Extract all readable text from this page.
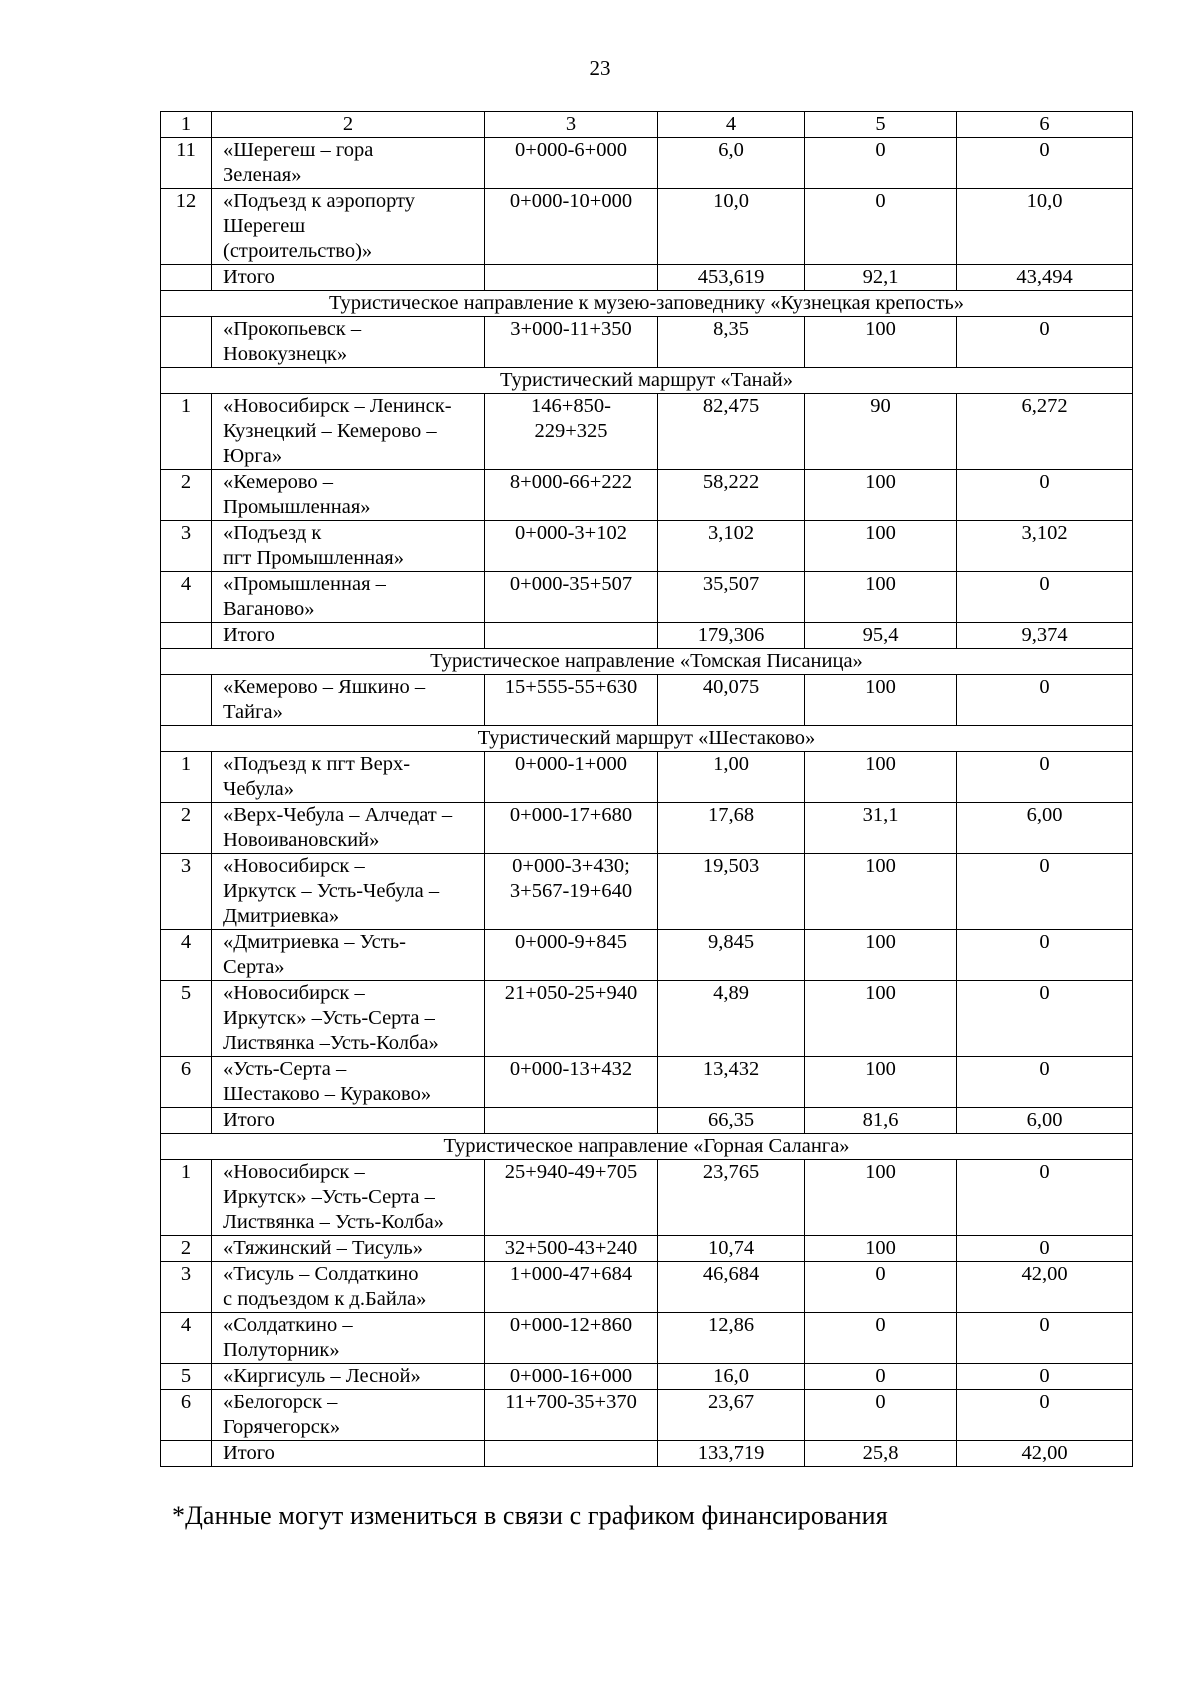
23
1	2	3	4	5	6
11	«Шерегеш – гора
Зеленая»	0+000-6+000	6,0	0	0
12	«Подъезд к аэропорту
Шерегеш
(строительство)»	0+000-10+000	10,0	0	10,0
	Итого		453,619	92,1	43,494
Туристическое направление к музею-заповеднику «Кузнецкая крепость»					
	«Прокопьевск –
Новокузнецк»	3+000-11+350	8,35	100	0
Туристический маршрут «Танай»					
1	«Новосибирск – Ленинск-
Кузнецкий – Кемерово –
Юрга»	146+850-
229+325	82,475	90	6,272
2	«Кемерово –
Промышленная»	8+000-66+222	58,222	100	0
3	«Подъезд к
пгт Промышленная»	0+000-3+102	3,102	100	3,102
4	«Промышленная –
Ваганово»	0+000-35+507	35,507	100	0
	Итого		179,306	95,4	9,374
Туристическое направление «Томская Писаница»					
	«Кемерово – Яшкино –
Тайга»	15+555-55+630	40,075	100	0
Туристический маршрут «Шестаково»					
1	«Подъезд к пгт Верх-
Чебула»	0+000-1+000	1,00	100	0
2	«Верх-Чебула – Алчедат –
Новоивановский»	0+000-17+680	17,68	31,1	6,00
3	«Новосибирск –
Иркутск – Усть-Чебула –
Дмитриевка»	0+000-3+430;
3+567-19+640	19,503	100	0
4	«Дмитриевка – Усть-
Серта»	0+000-9+845	9,845	100	0
5	«Новосибирск –
Иркутск» –Усть-Серта –
Листвянка –Усть-Колба»	21+050-25+940	4,89	100	0
6	«Усть-Серта –
Шестаково – Кураково»	0+000-13+432	13,432	100	0
	Итого		66,35	81,6	6,00
Туристическое направление «Горная Саланга»					
1	«Новосибирск –
Иркутск» –Усть-Серта –
Листвянка – Усть-Колба»	25+940-49+705	23,765	100	0
2	«Тяжинский – Тисуль»	32+500-43+240	10,74	100	0
3	«Тисуль – Солдаткино
с подъездом к д.Байла»	1+000-47+684	46,684	0	42,00
4	«Солдаткино –
Полуторник»	0+000-12+860	12,86	0	0
5	«Киргисуль – Лесной»	0+000-16+000	16,0	0	0
6	«Белогорск –
Горячегорск»	11+700-35+370	23,67	0	0
	Итого		133,719	25,8	42,00
*Данные могут измениться в связи с графиком финансирования
